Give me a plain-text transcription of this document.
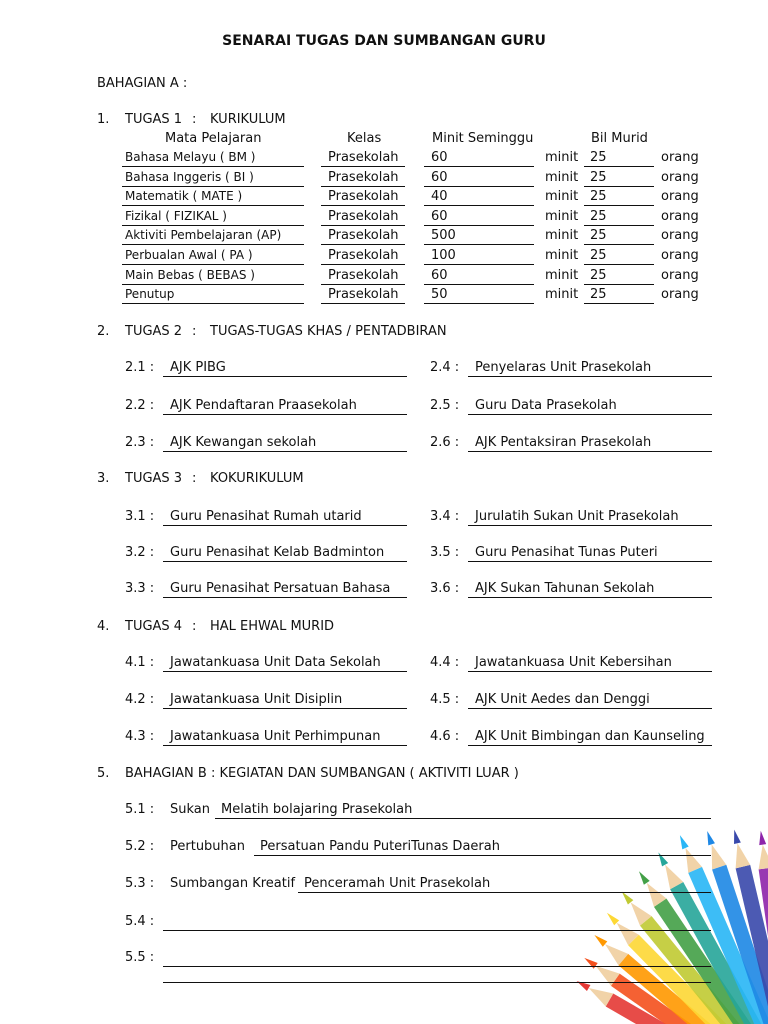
SENARAI TUGAS DAN SUMBANGAN GURU
BAHAGIAN A :
1. TUGAS 1 : KURIKULUM
Mata Pelajaran	Kelas	Minit Seminggu	Bil Murid
Bahasa Melayu ( BM )	Prasekolah 60	minit 25	orang
Bahasa Inggeris ( BI )	Prasekolah 60	minit 25	orang
Matematik ( MATE )	Prasekolah 40	minit 25	orang
Fizikal ( FIZIKAL )	Prasekolah 60	minit 25	orang
Aktiviti Pembelajaran (AP)	Prasekolah 500	minit 25	orang
Perbualan Awal ( PA )	Prasekolah 100	minit 25	orang
Main Bebas ( BEBAS )	Prasekolah 60	minit 25	orang
Penutup	Prasekolah 50	minit 25	orang
2. TUGAS 2 : TUGAS-TUGAS KHAS / PENTADBIRAN
2.1 : AJK PIBG	2.4 : Penyelaras Unit Prasekolah
2.2 : AJK Pendaftaran Praasekolah	2.5 : Guru Data Prasekolah
2.3 : AJK Kewangan sekolah	2.6 : AJK Pentaksiran Prasekolah
3. TUGAS 3 : KOKURIKULUM
3.1 : Guru Penasihat Rumah utarid	3.4 : Jurulatih Sukan Unit Prasekolah
3.2 : Guru Penasihat Kelab Badminton	3.5 : Guru Penasihat Tunas Puteri
3.3 : Guru Penasihat Persatuan Bahasa	3.6 : AJK Sukan Tahunan Sekolah
4. TUGAS 4 : HAL EHWAL MURID
4.1 : Jawatankuasa Unit Data Sekolah	4.4 : Jawatankuasa Unit Kebersihan
4.2 : Jawatankuasa Unit Disiplin	4.5 : AJK Unit Aedes dan Denggi
4.3 : Jawatankuasa Unit Perhimpunan	4.6 : AJK Unit Bimbingan dan Kaunseling
5. BAHAGIAN B : KEGIATAN DAN SUMBANGAN ( AKTIVITI LUAR )
5.1 : Sukan Melatih bolajaring Prasekolah
5.2 : Pertubuhan Persatuan Pandu PuteriTunas Daerah
5.3 : Sumbangan Kreatif Penceramah Unit Prasekolah
5.4 :
5.5 :
